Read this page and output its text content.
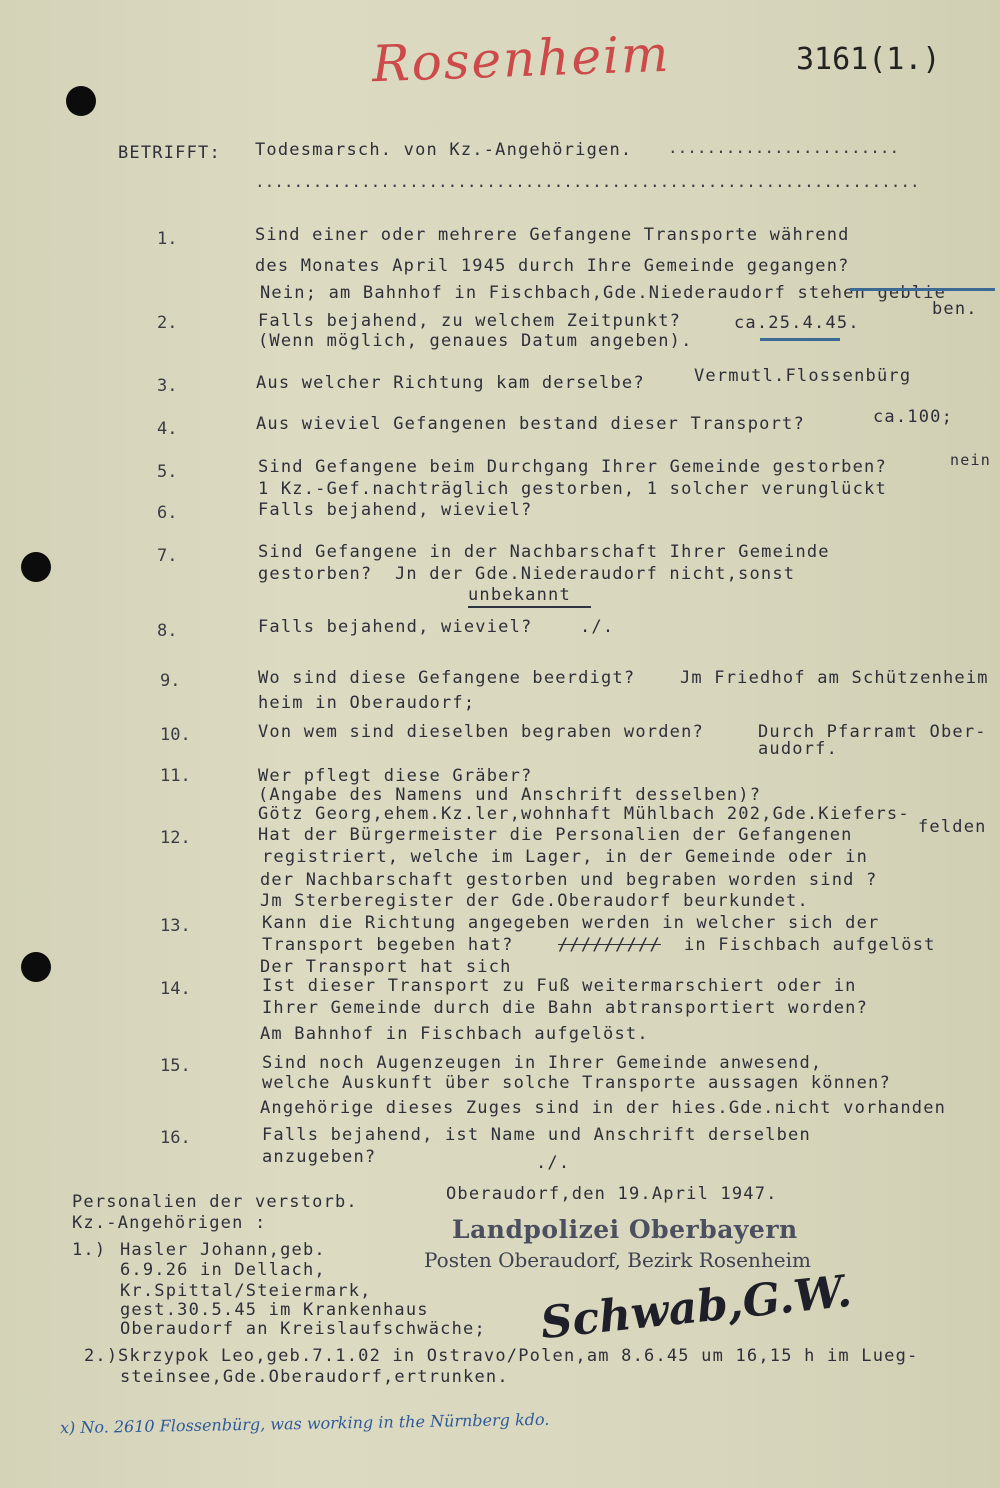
Rosenheim	3161(1.)
BETRIFFT: Todesmarsch. von Kz.-Angehörigen. ........................
.....................................................................
1.	Sind einer oder mehrere Gefangene Transporte während
des Monates April 1945 durch Ihre Gemeinde gegangen?
Nein; am Bahnhof in Fischbach,Gde.Niederaudorf stehen geblie
ben.
2.	Falls bejahend, zu welchem Zeitpunkt?
(Wenn möglich, genaues Datum angeben).
ca.25.4.45.
3.	Aus welcher Richtung kam derselbe?	Vermutl.Flossenbürg
4.	Aus wieviel Gefangenen bestand dieser Transport?	ca.100;
5.	Sind Gefangene beim Durchgang Ihrer Gemeinde gestorben?	nein
1 Kz.-Gef.nachträglich gestorben, 1 solcher verunglückt
6.	Falls bejahend, wieviel?
7.	Sind Gefangene in der Nachbarschaft Ihrer Gemeinde
gestorben? Jn der Gde.Niederaudorf nicht,sonst
unbekannt
8.	Falls bejahend, wieviel?	./.
9.	Wo sind diese Gefangene beerdigt?	Jm Friedhof am Schützenheim
heim in Oberaudorf;
10.	Von wem sind dieselben begraben worden?	Durch Pfarramt Ober-
audorf.
11.	Wer pflegt diese Gräber?
(Angabe des Namens und Anschrift desselben)?
Götz Georg,ehem.Kz.ler,wohnhaft Mühlbach 202,Gde.Kiefers-
felden
12.	Hat der Bürgermeister die Personalien der Gefangenen
registriert, welche im Lager, in der Gemeinde oder in
der Nachbarschaft gestorben und begraben worden sind ?
Jm Sterberegister der Gde.Oberaudorf beurkundet.
13.	Kann die Richtung angegeben werden in welcher sich der
Transport begeben hat?	///////// in Fischbach aufgelöst
Der Transport hat sich
14.	Ist dieser Transport zu Fuß weitermarschiert oder in
Ihrer Gemeinde durch die Bahn abtransportiert worden?
Am Bahnhof in Fischbach aufgelöst.
15.	Sind noch Augenzeugen in Ihrer Gemeinde anwesend,
welche Auskunft über solche Transporte aussagen können?
Angehörige dieses Zuges sind in der hies.Gde.nicht vorhanden
16.	Falls bejahend, ist Name und Anschrift derselben
anzugeben?	./.
Personalien der verstorb.
Kz.-Angehörigen :
1.) Hasler Johann,geb.
6.9.26 in Dellach,
Kr.Spittal/Steiermark,
gest.30.5.45 im Krankenhaus
Oberaudorf an Kreislaufschwäche;
2.) Skrzypok Leo,geb.7.1.02 in Ostravo/Polen,am 8.6.45 um 16,15 h im Lueg-
steinsee,Gde.Oberaudorf,ertrunken.
Oberaudorf,den 19.April 1947.
Landpolizei Oberbayern
Posten Oberaudorf, Bezirk Rosenheim
Schwab,G.W.
x) No. 2610 Flossenbürg, was working in the Nürnberg kdo.
